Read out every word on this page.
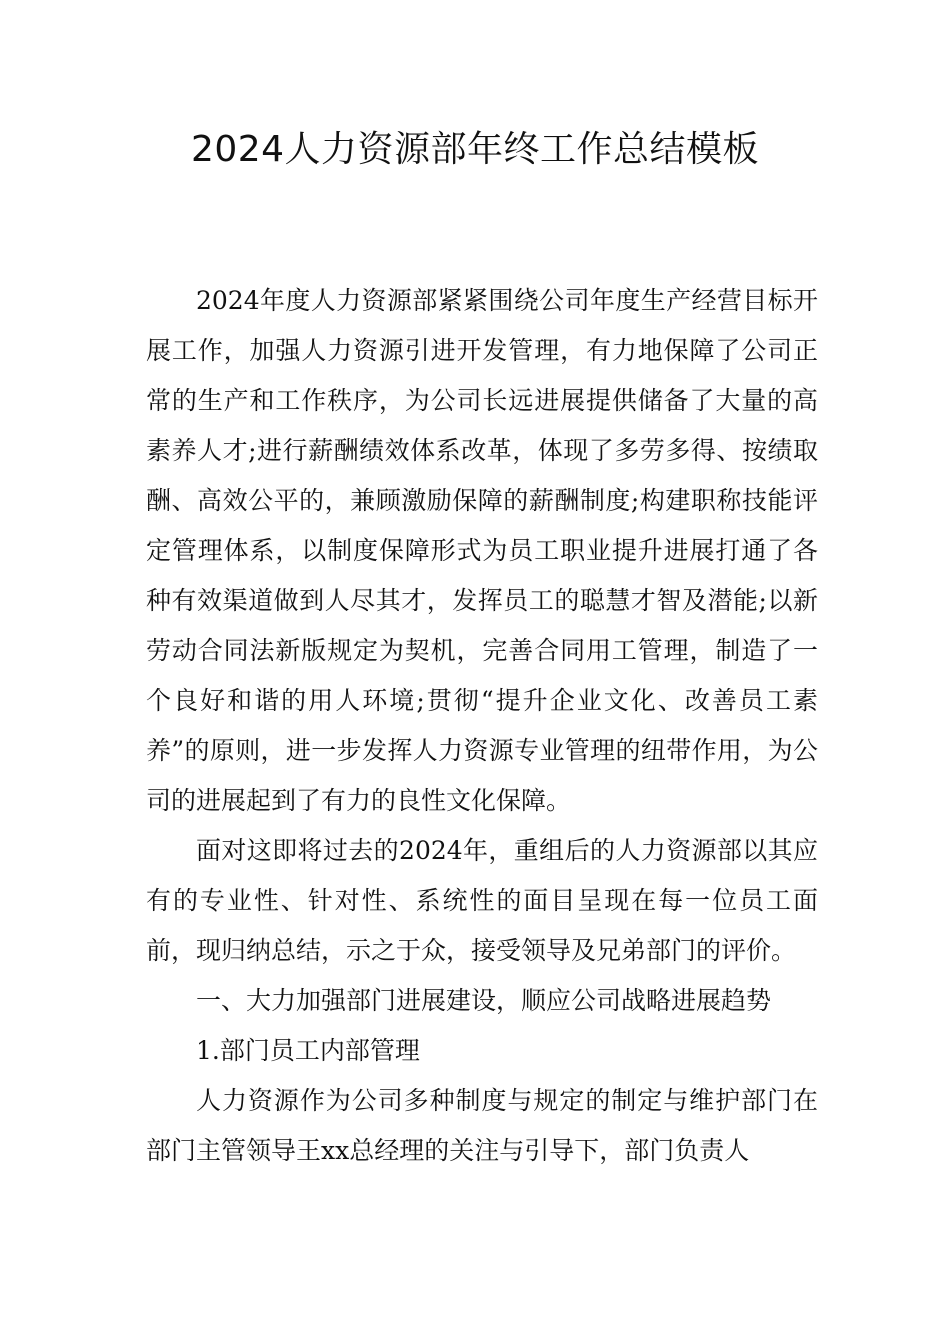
2024人力资源部年终工作总结模板

2024年度人力资源部紧紧围绕公司年度生产经营目标开展工作，加强人力资源引进开发管理，有力地保障了公司正常的生产和工作秩序，为公司长远进展提供储备了大量的高素养人才;进行薪酬绩效体系改革，体现了多劳多得、按绩取酬、高效公平的，兼顾激励保障的薪酬制度;构建职称技能评定管理体系，以制度保障形式为员工职业提升进展打通了各种有效渠道做到人尽其才，发挥员工的聪慧才智及潜能;以新劳动合同法新版规定为契机，完善合同用工管理，制造了一个良好和谐的用人环境;贯彻“提升企业文化、改善员工素养”的原则，进一步发挥人力资源专业管理的纽带作用，为公司的进展起到了有力的良性文化保障。

面对这即将过去的2024年，重组后的人力资源部以其应有的专业性、针对性、系统性的面目呈现在每一位员工面前，现归纳总结，示之于众，接受领导及兄弟部门的评价。

一、大力加强部门进展建设，顺应公司战略进展趋势

1.部门员工内部管理

人力资源作为公司多种制度与规定的制定与维护部门在部门主管领导王xx总经理的关注与引导下，部门负责人
